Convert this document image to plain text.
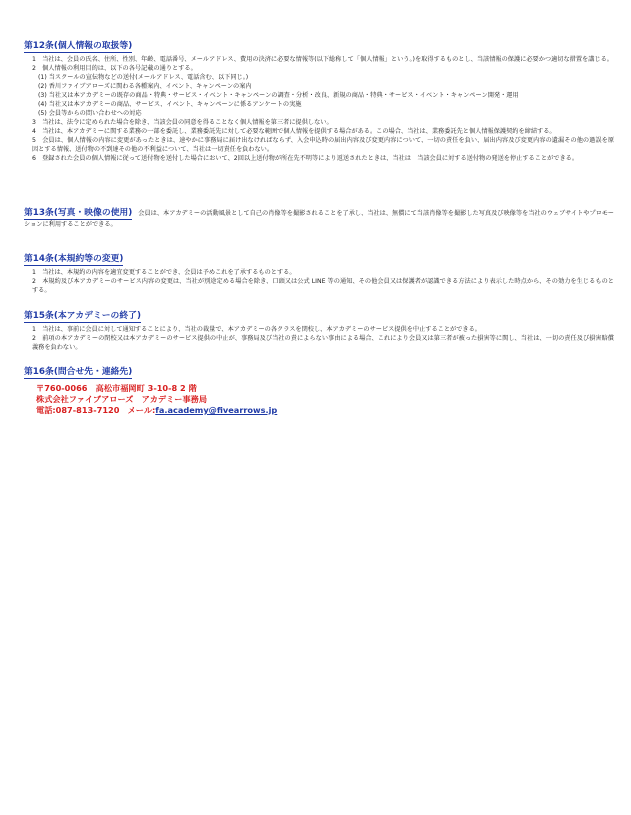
第12条(個人情報の取扱等)

1　当社は、会員の氏名、住所、性別、年齢、電話番号、メールアドレス、費用の決済に必要な情報等(以下総称して「個人情報」という。)を取得するものとし、当該情報の保護に必要かつ適切な措置を講じる。

2　個人情報の利用目的は、以下の各号記載の通りとする。

(1) 当スクールの宣伝物などの送付(メールアドレス、電話含む、以下同じ。)

(2) 香川ファイブアローズに関わる各種案内、イベント、キャンペーンの案内

(3) 当社又は本アカデミーの既存の商品・特典・サービス・イベント・キャンペーンの調査・分析・改良、新規の商品・特典・サービス・イベント・キャンペーン開発・運用

(4) 当社又は本アカデミーの商品、サービス、イベント、キャンペーンに係るアンケートの実施

(5) 会員等からの問い合わせへの対応

3　当社は、法令に定められた場合を除き、当該会員の同意を得ることなく個人情報を第三者に提供しない。

4　当社は、本アカデミーに関する業務の一部を委託し、業務委託先に対して必要な範囲で個人情報を提供する場合がある。この場合、当社は、業務委託先と個人情報保護契約を締結する。

5　会員は、個人情報の内容に変更があったときは、速やかに事務局に届け出なければならず、入会申込時の届出内容及び変更内容について、一切の責任を負い、届出内容及び変更内容の遺漏その他の過誤を原因とする情報、送付物の不到達その他の不利益について、当社は一切責任を負わない。

6　登録された会員の個人情報に従って送付物を送付した場合において、2回以上送付物が所在先不明等により返送されたときは、当社は　当該会員に対する送付物の発送を停止することができる。

第13条(写真・映像の使用) 会員は、本アカデミーの活動風景として自己の肖像等を撮影されることを了承し、当社は、無償にて当該肖像等を撮影した写真及び映像等を当社のウェブサイトやプロモーションに利用することができる。

第14条(本規約等の変更)

1　当社は、本規約の内容を適宜変更することができ、会員は予めこれを了承するものとする。

2　本規約及び本アカデミーのサービス内容の変更は、当社が別途定める場合を除き、口頭又は公式 LINE 等の通知、その他会員又は保護者が認識できる方法により表示した時点から、その効力を生じるものとする。

第15条(本アカデミーの終了)

1　当社は、事前に会員に対して通知することにより、当社の裁量で、本アカデミーの各クラスを閉校し、本アカデミーのサービス提供を中止することができる。

2　前項の本アカデミーの閉校又は本アカデミーのサービス提供の中止が、事務局及び当社の責によらない事由による場合、これにより会員又は第三者が被った損害等に関し、当社は、一切の責任及び損害賠償義務を負わない。

第16条(問合せ先・連絡先)
〒760-0066　高松市福岡町 3-10-8 2 階
株式会社ファイブアローズ　アカデミー事務局
電話:087-813-7120　メール:fa.academy@fivearrows.jp
